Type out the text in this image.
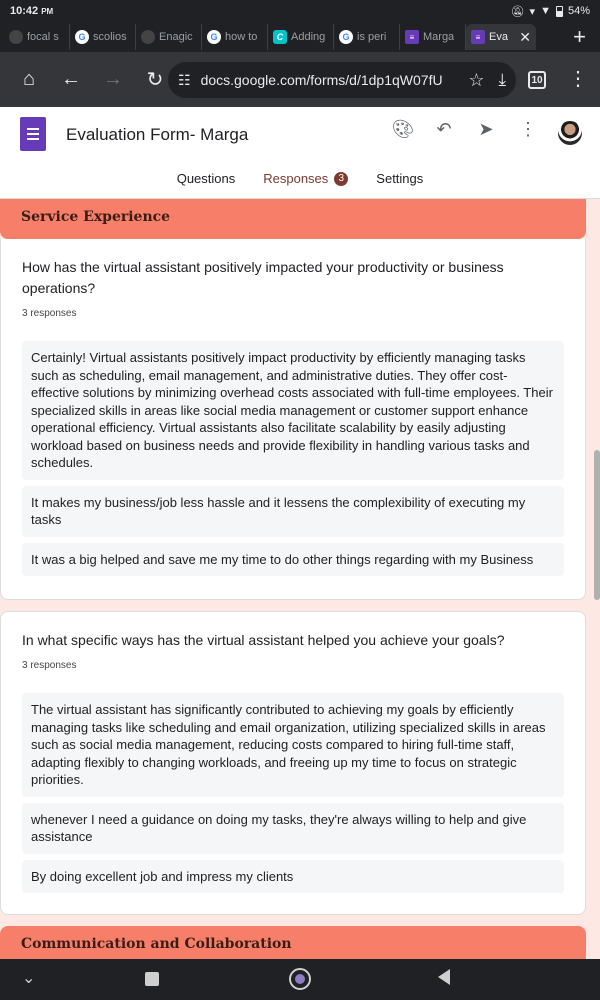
10:42 PM	🔕︎ ▾ ▼ 54%
focal s	G scolios	Enagic	G how to	C Adding	G is peri	≡ Marga	≡ Eva ✕ +
⌂	←	→	↻	☷ docs.google.com/forms/d/1dp1qW07fU	☆ ⤓	10 ⋮
Evaluation Form- Marga	🎨︎ ↶ ➤ ⋮
Questions Responses	3	Settings
Service Experience
How has the virtual assistant positively impacted your productivity or business operations?
3 responses
Certainly! Virtual assistants positively impact productivity by efficiently managing tasks such as scheduling, email management, and administrative duties. They offer cost-effective solutions by minimizing overhead costs associated with full-time employees. Their specialized skills in areas like social media management or customer support enhance operational efficiency. Virtual assistants also facilitate scalability by easily adjusting workload based on business needs and provide flexibility in handling various tasks and schedules.
It makes my business/job less hassle and it lessens the complexibility of executing my tasks
It was a big helped and save me my time to do other things regarding with my Business
In what specific ways has the virtual assistant helped you achieve your goals?
3 responses
The virtual assistant has significantly contributed to achieving my goals by efficiently managing tasks like scheduling and email organization, utilizing specialized skills in areas such as social media management, reducing costs compared to hiring full-time staff, adapting flexibly to changing workloads, and freeing up my time to focus on strategic priorities.
whenever I need a guidance on doing my tasks, they're always willing to help and give assistance
By doing excellent job and impress my clients
Communication and Collaboration
⌄
